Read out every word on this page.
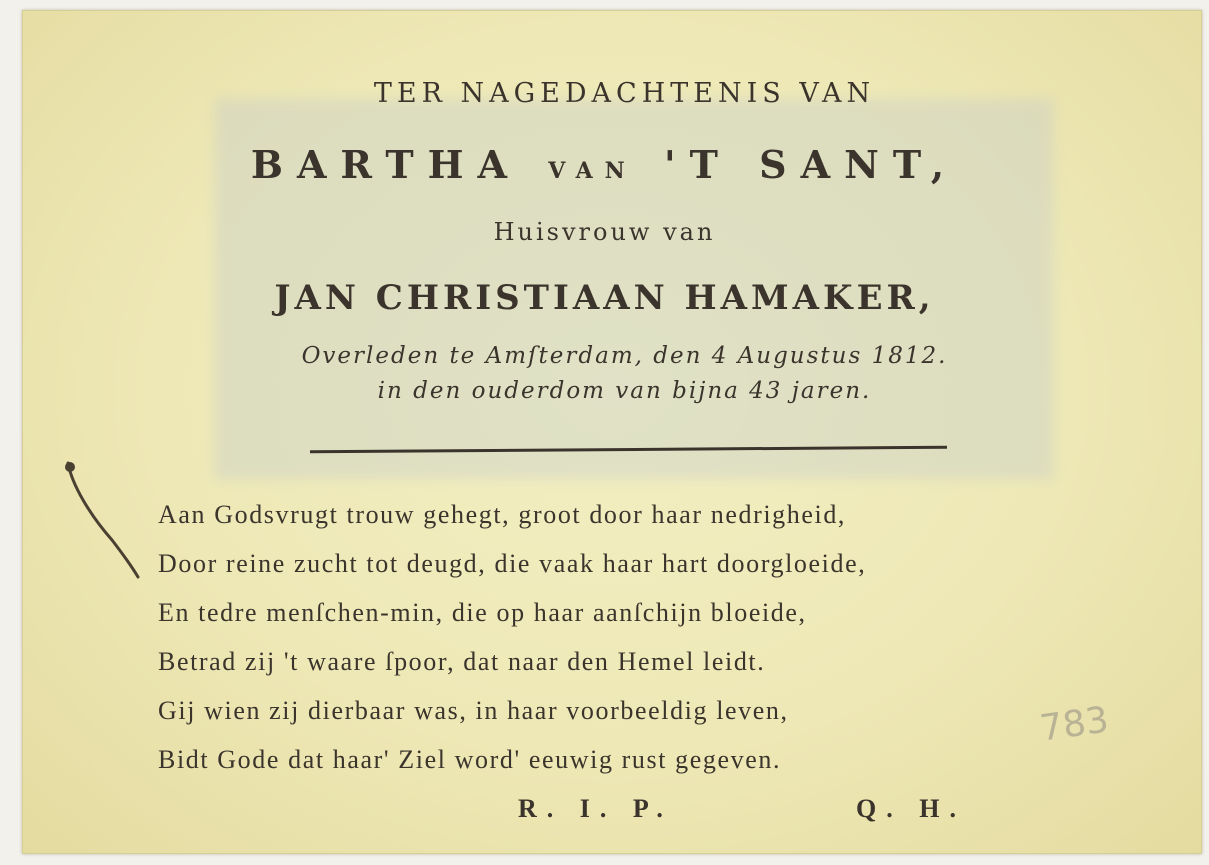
TER NAGEDACHTENIS VAN
BARTHA VAN 'T SANT,
Huisvrouw van
JAN CHRISTIAAN HAMAKER,
Overleden te Amſterdam, den 4 Augustus 1812.
in den ouderdom van bijna 43 jaren.
Aan Godsvrugt trouw gehegt, groot door haar nedrigheid,
Door reine zucht tot deugd, die vaak haar hart doorgloeide,
En tedre menſchen-min, die op haar aanſchijn bloeide,
Betrad zij 't waare ſpoor, dat naar den Hemel leidt.
Gij wien zij dierbaar was, in haar voorbeeldig leven,
Bidt Gode dat haar' Ziel word' eeuwig rust gegeven.
R. I. P.	Q. H.
783
